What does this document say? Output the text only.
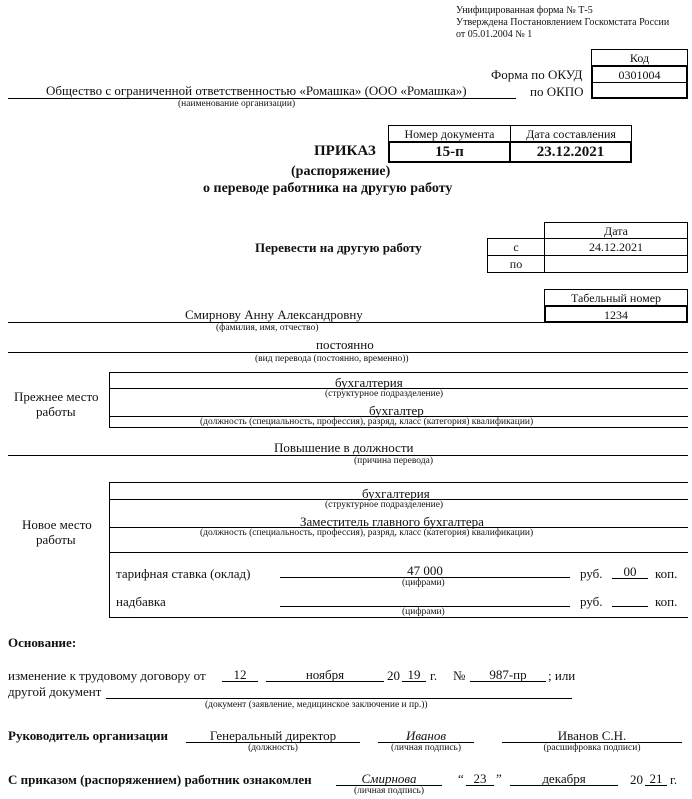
Унифицированная форма № Т-5
Утверждена Постановлением Госкомстата России
от 05.01.2004 № 1
Код
0301004
Форма по ОКУД
по ОКПО
Общество с ограниченной ответственностью «Ромашка» (ООО «Ромашка»)
(наименование организации)
Номер документа	Дата составления
15-п	23.12.2021
ПРИКАЗ
(распоряжение)
о переводе работника на другую работу
Перевести на другую работу
Дата
с	24.12.2021
по
Табельный номер
1234
Смирнову Анну Александровну
(фамилия, имя, отчество)
постоянно
(вид перевода (постоянно, временно))
Прежнее место
работы
бухгалтерия
(структурное подразделение)
бухгалтер
(должность (специальность, профессия), разряд, класс (категория) квалификации)
Повышение в должности
(причина перевода)
Новое место
работы
бухгалтерия
(структурное подразделение)
Заместитель главного бухгалтера
(должность (специальность, профессия), разряд, класс (категория) квалификации)
тарифная ставка (оклад)	47 000
(цифрами)
руб.	00	коп.
надбавка
(цифрами)
руб.	коп.
Основание:
изменение к трудовому договору от	12	ноября	20 19 г. №	987-пр	; или
другой документ
(документ (заявление, медицинское заключение и пр.))
Руководитель организации	Генеральный директор
(должность)
Иванов
(личная подпись)
Иванов С.Н.
(расшифровка подписи)
С приказом (распоряжением) работник ознакомлен	Смирнова
(личная подпись)
“ 23 ”	декабря	20 21 г.
